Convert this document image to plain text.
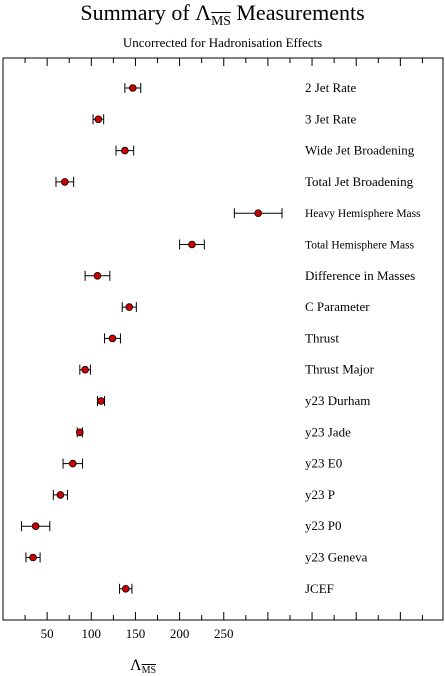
Summary of $\Lambda_{\overline{MS}}$ Measurements
Uncorrected for Hadronisation Effects
50 100 150 200 250
2 Jet Rate
3 Jet Rate
Wide Jet Broadening
Total Jet Broadening
Heavy Hemisphere Mass
Total Hemisphere Mass
Difference in Masses
C Parameter
Thrust
Thrust Major
y23 Durham
y23 Jade
y23 E0
y23 P
y23 P0
y23 Geneva
JCEF
ΛMS
